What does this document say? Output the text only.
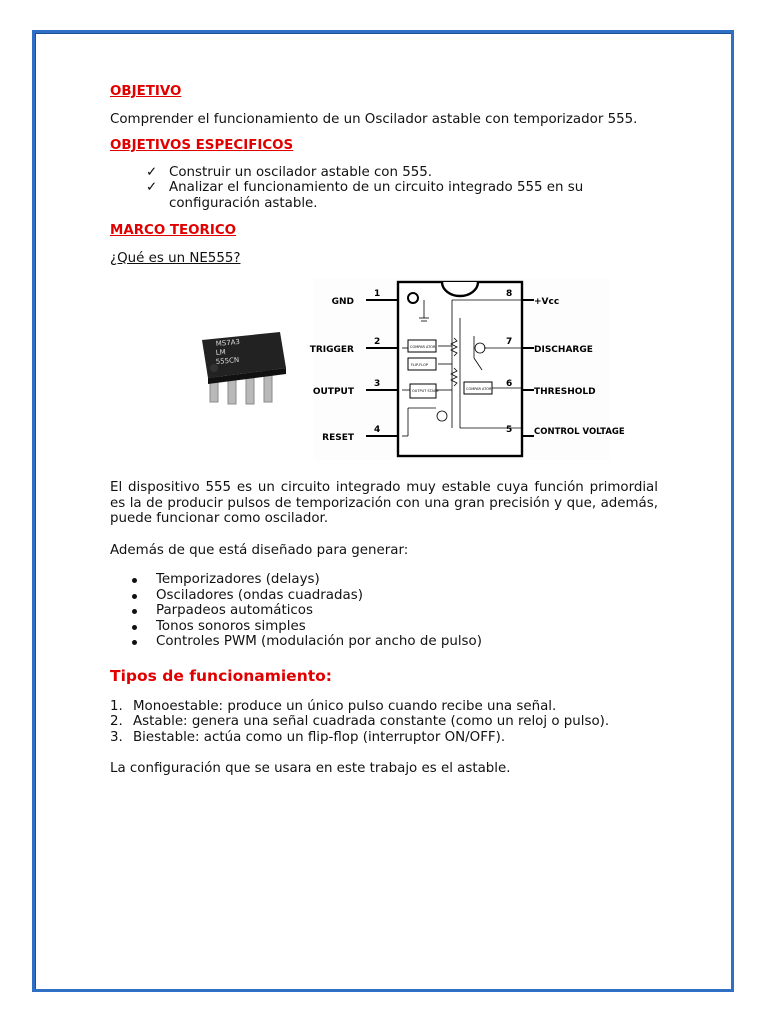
OBJETIVO

Comprender el funcionamiento de un Oscilador astable con temporizador 555.

OBJETIVOS ESPECIFICOS

✓ Construir un oscilador astable con 555.
✓ Analizar el funcionamiento de un circuito integrado 555 en su configuración astable.

MARCO TEORICO

¿Qué es un NE555?

MS7A3
LM
555CN
COMPAR ATOR
FLIP-FLOP
OUTPUT STAGE	COMPAR ATOR
GND
1
TRIGGER
2
OUTPUT
3
RESET
4
8
+Vcc
7
DISCHARGE
6
THRESHOLD
5	CONTROL VOLTAGE

El dispositivo 555 es un circuito integrado muy estable cuya función primordial es la de producir pulsos de temporización con una gran precisión y que, además, puede funcionar como oscilador.

Además de que está diseñado para generar:

Temporizadores (delays)
Osciladores (ondas cuadradas)
Parpadeos automáticos
Tonos sonoros simples
Controles PWM (modulación por ancho de pulso)

Tipos de funcionamiento:

1. Monoestable: produce un único pulso cuando recibe una señal.
2. Astable: genera una señal cuadrada constante (como un reloj o pulso).
3. Biestable: actúa como un flip-flop (interruptor ON/OFF).

La configuración que se usara en este trabajo es el astable.
